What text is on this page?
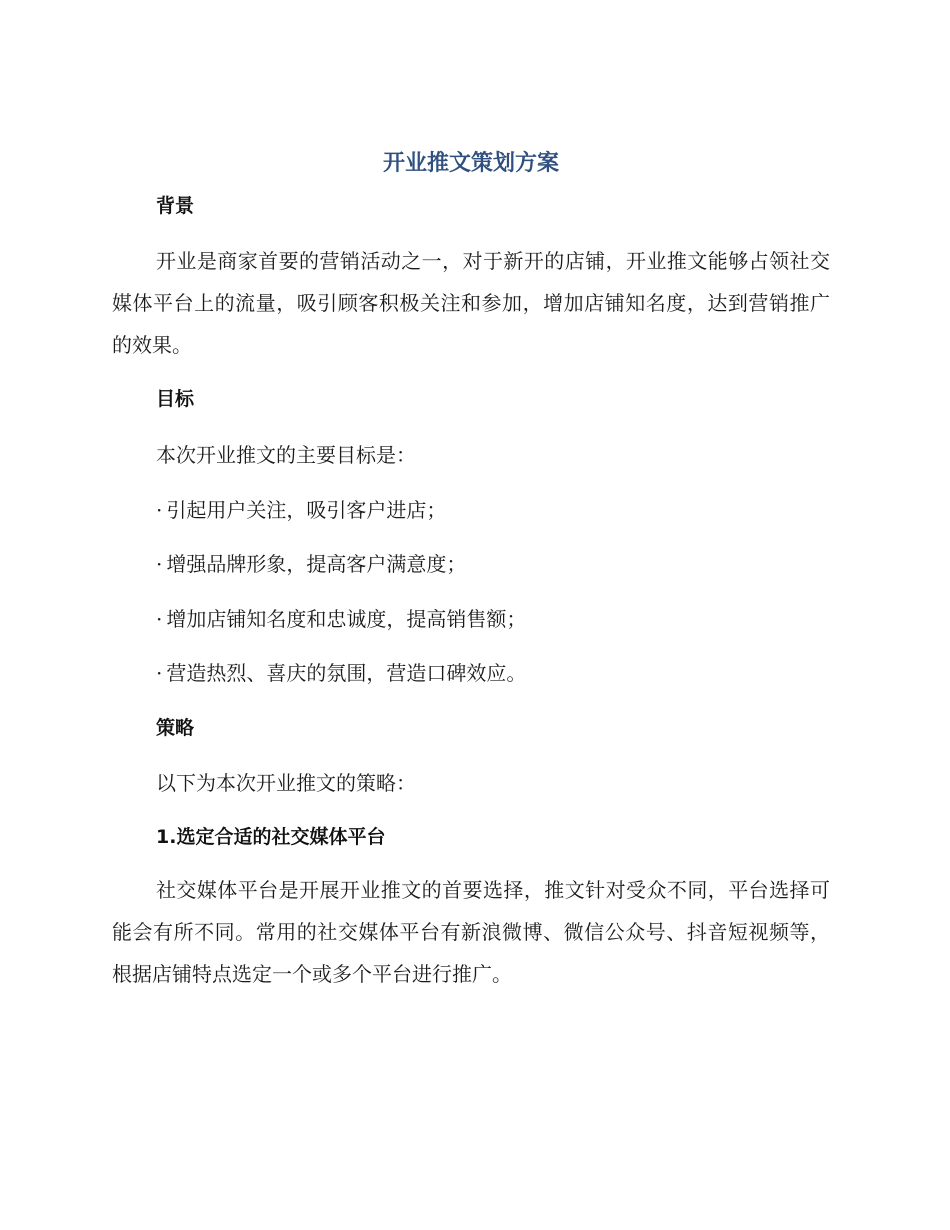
开业推文策划方案
背景

开业是商家首要的营销活动之一，对于新开的店铺，开业推文能够占领社交媒体平台上的流量，吸引顾客积极关注和参加，增加店铺知名度，达到营销推广的效果。

目标

本次开业推文的主要目标是：

· 引起用户关注，吸引客户进店；

· 增强品牌形象，提高客户满意度；

· 增加店铺知名度和忠诚度，提高销售额；

· 营造热烈、喜庆的氛围，营造口碑效应。

策略

以下为本次开业推文的策略：

1.选定合适的社交媒体平台

社交媒体平台是开展开业推文的首要选择，推文针对受众不同，平台选择可能会有所不同。常用的社交媒体平台有新浪微博、微信公众号、抖音短视频等，根据店铺特点选定一个或多个平台进行推广。
